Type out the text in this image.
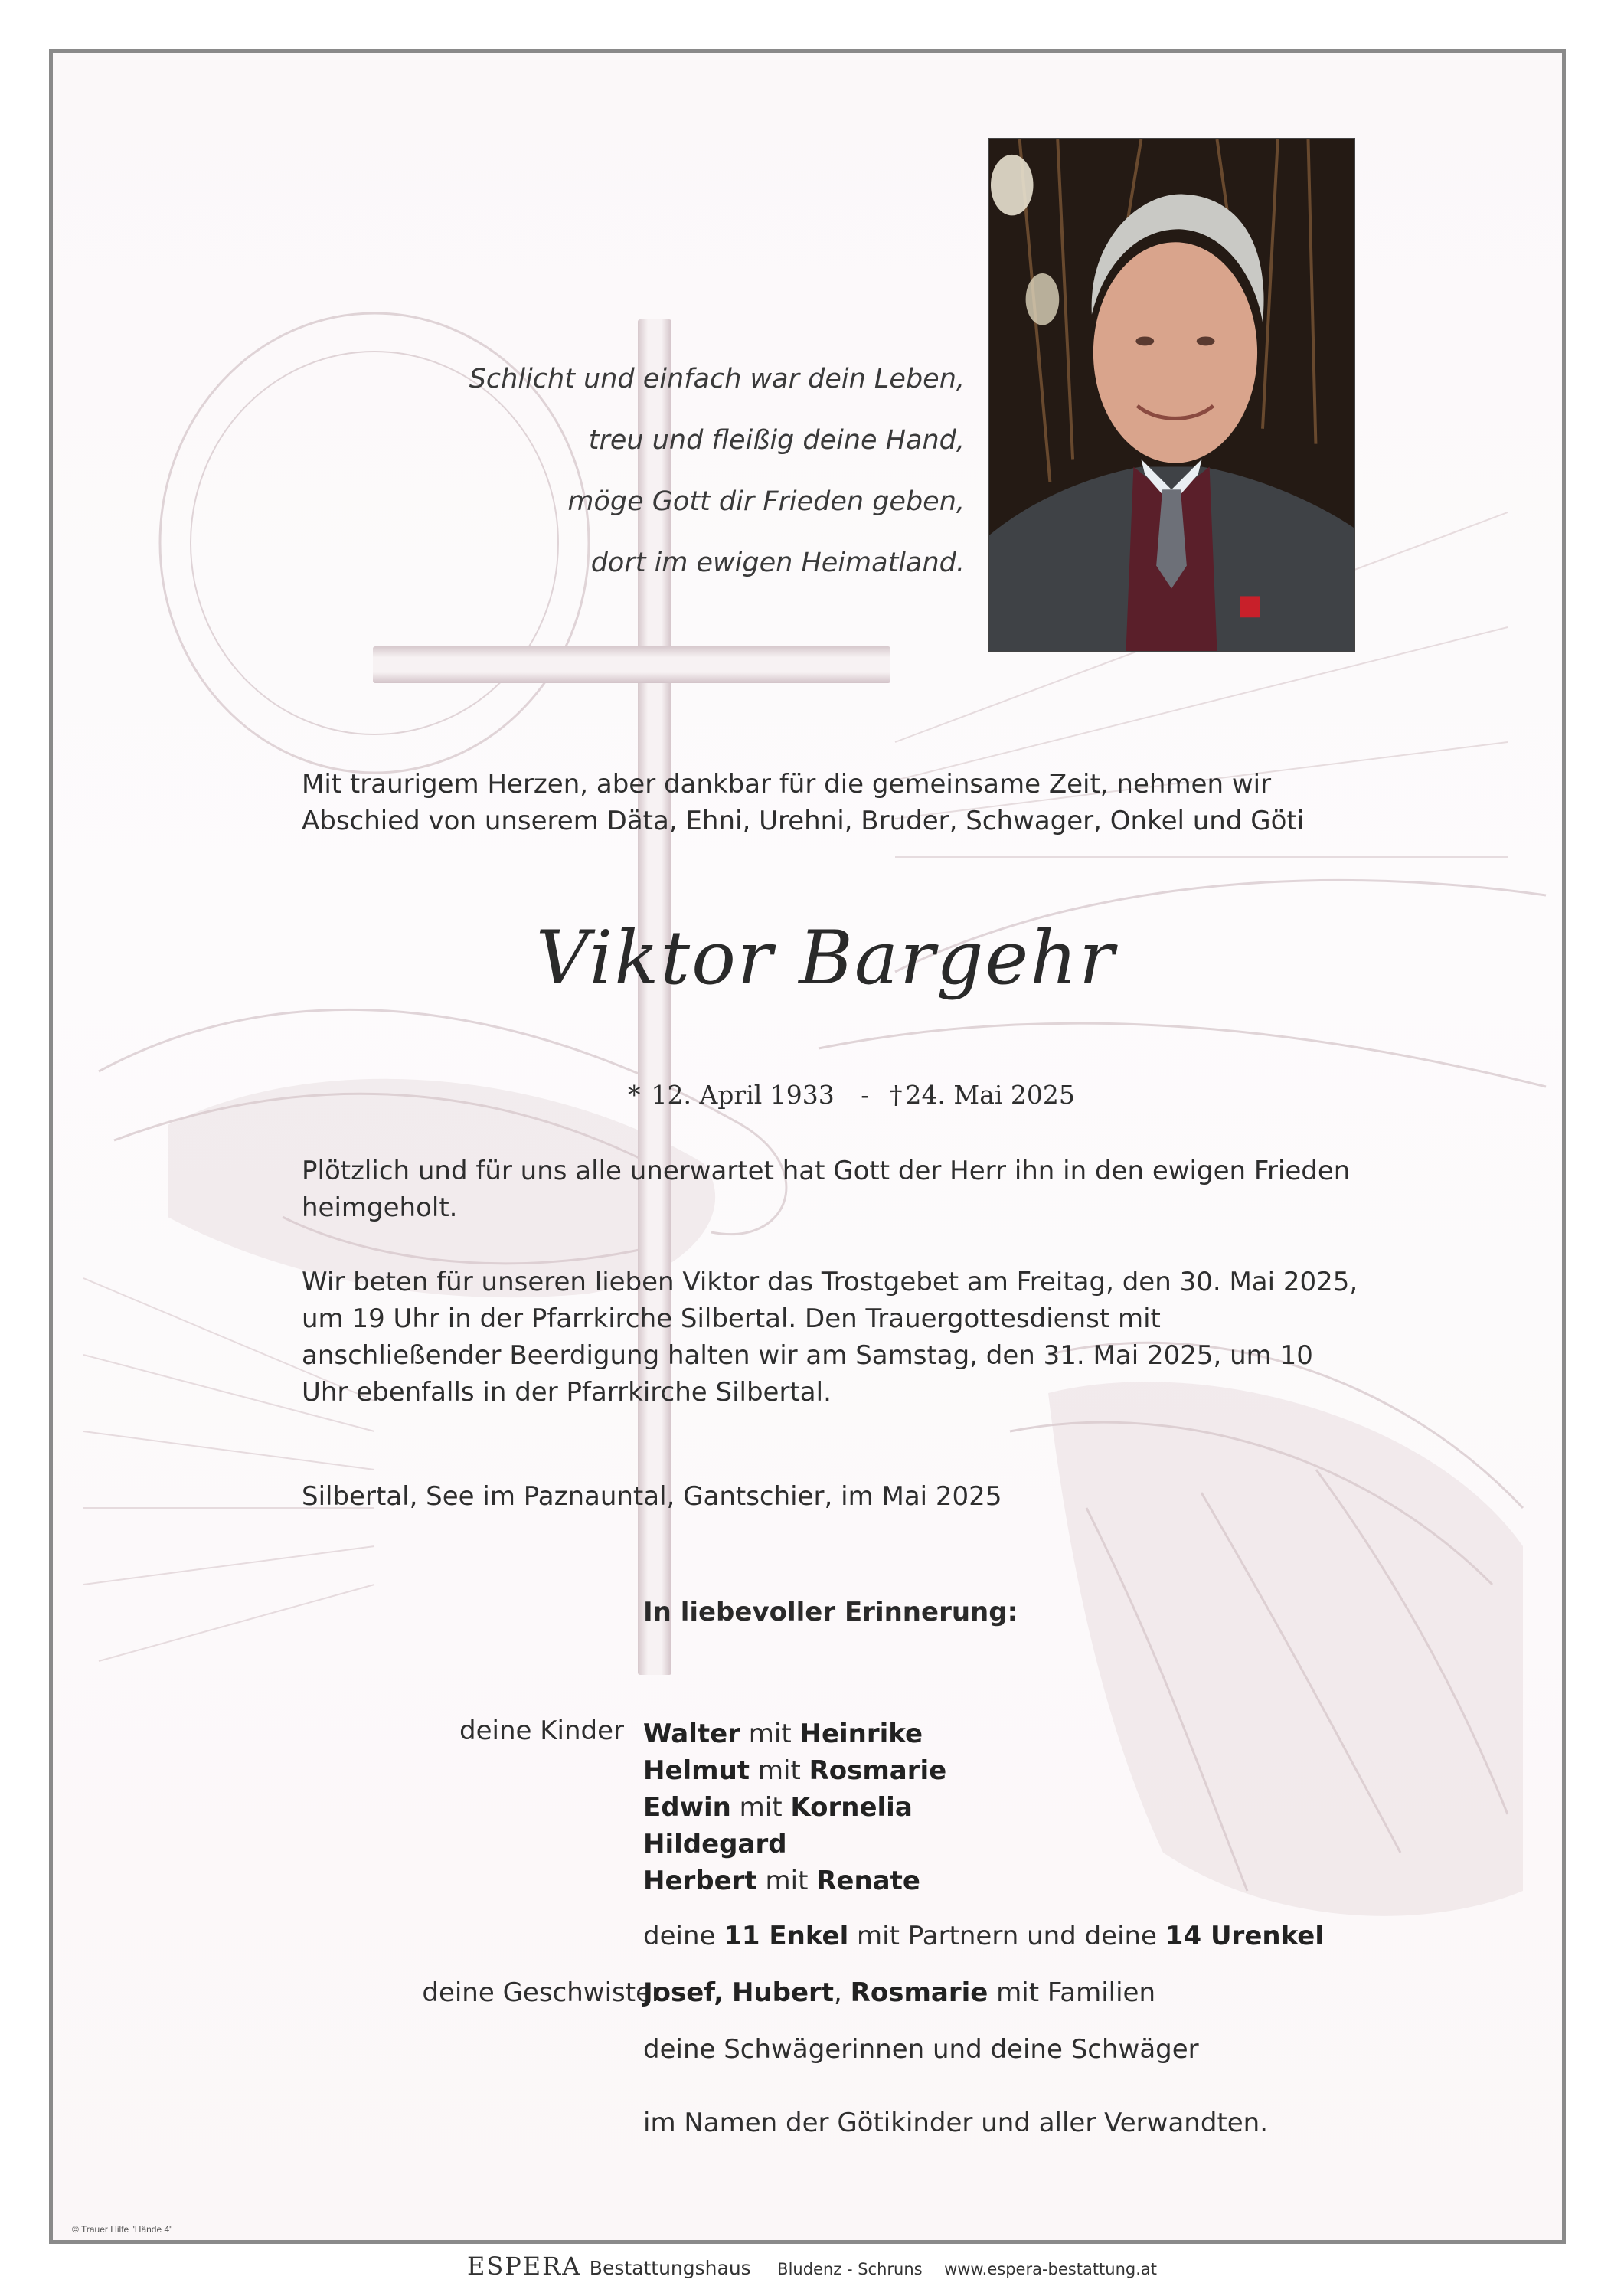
Schlicht und einfach war dein Leben,
treu und fleißig deine Hand,
möge Gott dir Frieden geben,
dort im ewigen Heimatland.
Mit traurigem Herzen, aber dankbar für die gemeinsame Zeit, nehmen wir Abschied von unserem Däta, Ehni, Urehni, Bruder, Schwager, Onkel und Göti
Viktor Bargehr
* 12. April 1933 - † 24. Mai 2025
Plötzlich und für uns alle unerwartet hat Gott der Herr ihn in den ewigen Frieden heimgeholt.
Wir beten für unseren lieben Viktor das Trostgebet am Freitag, den 30. Mai 2025, um 19 Uhr in der Pfarrkirche Silbertal. Den Trauergottesdienst mit anschließender Beerdigung halten wir am Samstag, den 31. Mai 2025, um 10 Uhr ebenfalls in der Pfarrkirche Silbertal.
Silbertal, See im Paznauntal, Gantschier, im Mai 2025
In liebevoller Erinnerung:
deine Kinder Walter mit Heinrike
Helmut mit Rosmarie
Edwin mit Kornelia
Hildegard
Herbert mit Renate
deine 11 Enkel mit Partnern und deine 14 Urenkel
deine Geschwister
Josef, Hubert, Rosmarie mit Familien
deine Schwägerinnen und deine Schwäger
im Namen der Götikinder und aller Verwandten.
© Trauer Hilfe "Hände 4"
ESPERA Bestattungshaus Bludenz - Schruns www.espera-bestattung.at
